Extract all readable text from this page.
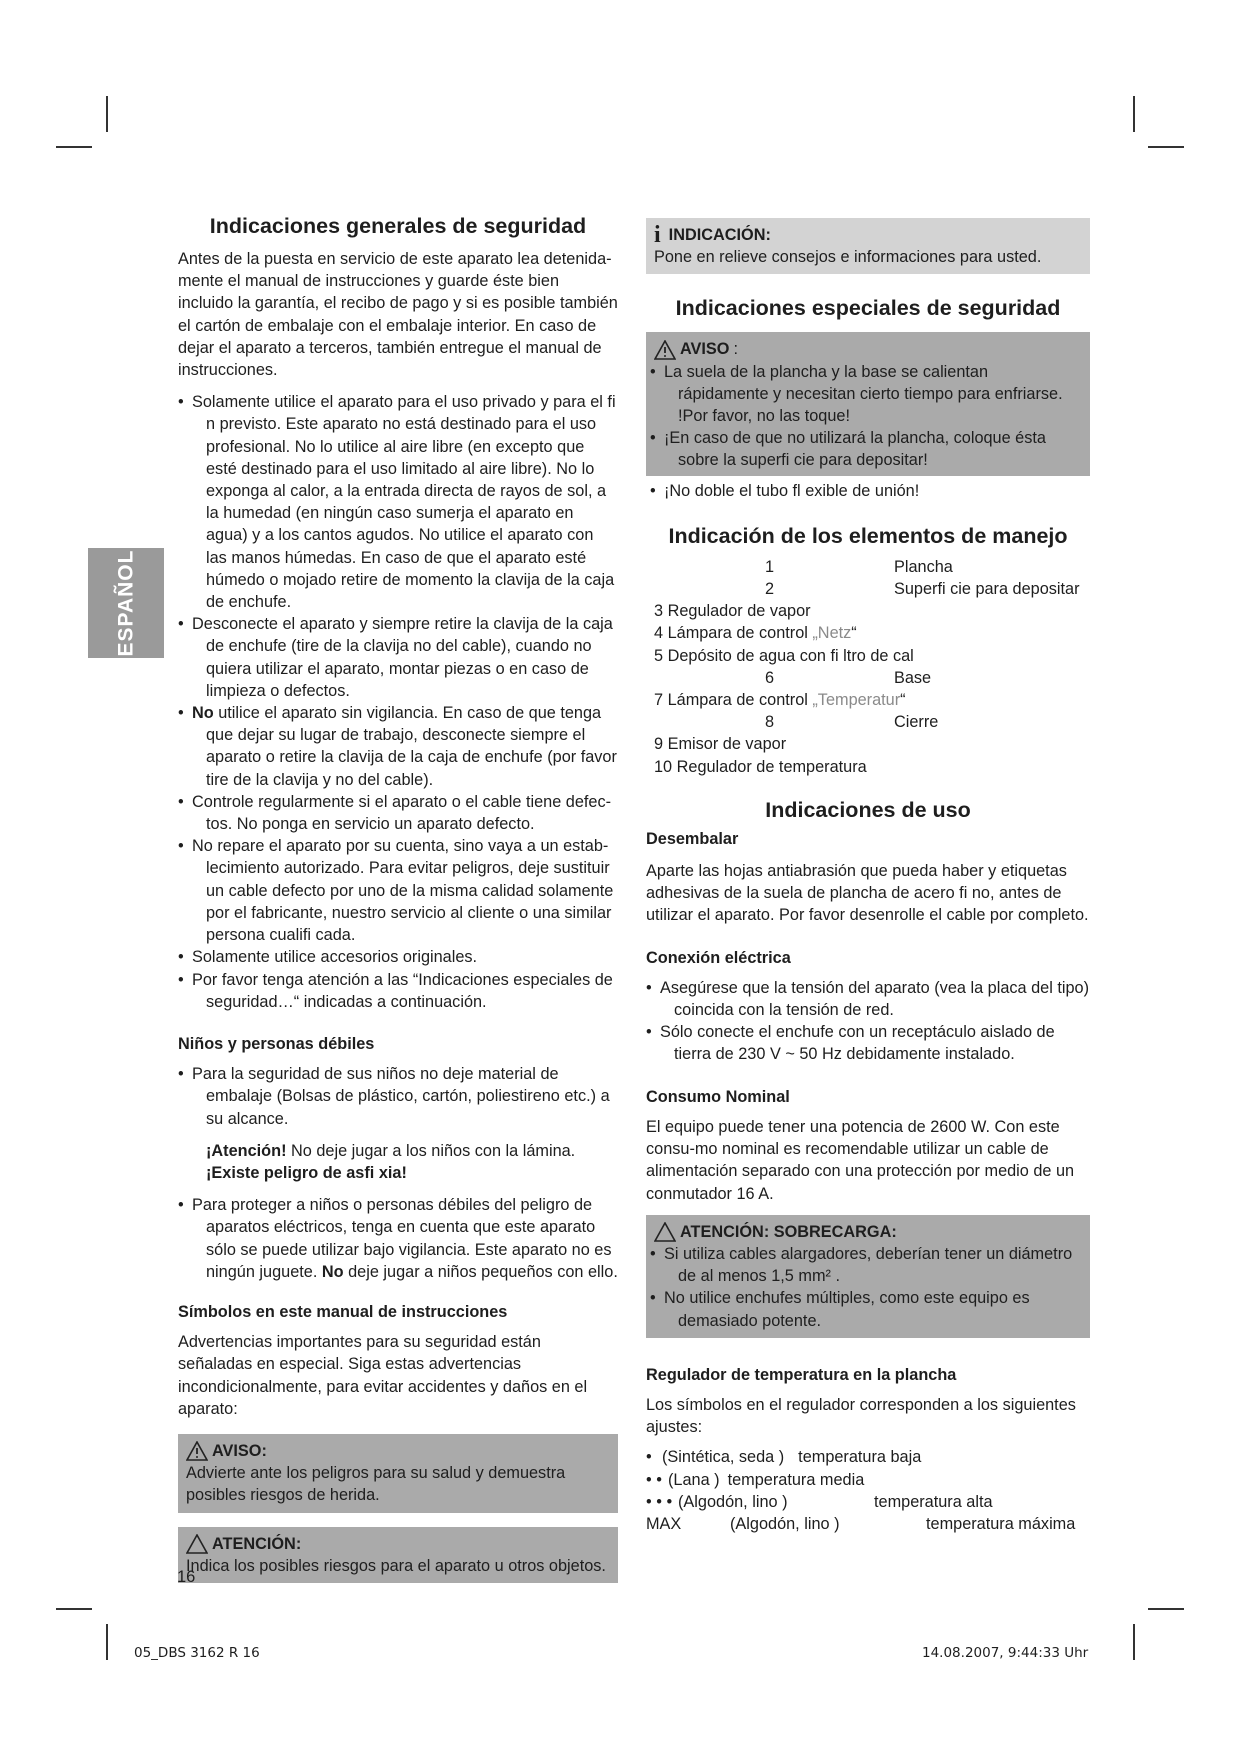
ESPAÑOL
Indicaciones generales de seguridad

Antes de la puesta en servicio de este aparato lea detenida-mente el manual de instrucciones y guarde éste bien incluido la garantía, el recibo de pago y si es posible también el cartón de embalaje con el embalaje interior. En caso de dejar el aparato a terceros, también entregue el manual de instrucciones.

• Solamente utilice el aparato para el uso privado y para el fi n previsto. Este aparato no está destinado para el uso profesional. No lo utilice al aire libre (en excepto que esté destinado para el uso limitado al aire libre). No lo exponga al calor, a la entrada directa de rayos de sol, a la humedad (en ningún caso sumerja el aparato en agua) y a los cantos agudos. No utilice el aparato con las manos húmedas. En caso de que el aparato esté húmedo o mojado retire de momento la clavija de la caja de enchufe.
• Desconecte el aparato y siempre retire la clavija de la caja de enchufe (tire de la clavija no del cable), cuando no quiera utilizar el aparato, montar piezas o en caso de limpieza o defectos.
• No utilice el aparato sin vigilancia. En caso de que tenga que dejar su lugar de trabajo, desconecte siempre el aparato o retire la clavija de la caja de enchufe (por favor tire de la clavija y no del cable).
• Controle regularmente si el aparato o el cable tiene defec-tos. No ponga en servicio un aparato defecto.
• No repare el aparato por su cuenta, sino vaya a un estab-lecimiento autorizado. Para evitar peligros, deje sustituir un cable defecto por uno de la misma calidad solamente por el fabricante, nuestro servicio al cliente o una similar persona cualifi cada.
• Solamente utilice accesorios originales.
• Por favor tenga atención a las “Indicaciones especiales de seguridad…“ indicadas a continuación.
Niños y personas débiles
• Para la seguridad de sus niños no deje material de embalaje (Bolsas de plástico, cartón, poliestireno etc.) a su alcance.

¡Atención! No deje jugar a los niños con la lámina. ¡Existe peligro de asfi xia!

• Para proteger a niños o personas débiles del peligro de aparatos eléctricos, tenga en cuenta que este aparato sólo se puede utilizar bajo vigilancia. Este aparato no es ningún juguete. No deje jugar a niños pequeños con ello.
Símbolos en este manual de instrucciones

Advertencias importantes para su seguridad están señaladas en especial. Siga estas advertencias incondicionalmente, para evitar accidentes y daños en el aparato:

AVISO:

Advierte ante los peligros para su salud y demuestra posibles riesgos de herida.

ATENCIÓN:

Indica los posibles riesgos para el aparato u otros objetos.

i INDICACIÓN:

Pone en relieve consejos e informaciones para usted.

Indicaciones especiales de seguridad
AVISO :
• La suela de la plancha y la base se calientan rápidamente y necesitan cierto tiempo para enfriarse. !Por favor, no las toque!
• ¡En caso de que no utilizará la plancha, coloque ésta sobre la superfi cie para depositar!
• ¡No doble el tubo fl exible de unión!
Indicación de los elementos de manejo
1	Plancha
2	Superfi cie para depositar
3 Regulador de vapor
4 Lámpara de control „Netz“
5 Depósito de agua con fi ltro de cal
6	Base
7 Lámpara de control „Temperatur“
8	Cierre
9 Emisor de vapor
10 Regulador de temperatura
Indicaciones de uso
Desembalar

Aparte las hojas antiabrasión que pueda haber y etiquetas adhesivas de la suela de plancha de acero fi no, antes de utilizar el aparato. Por favor desenrolle el cable por completo.

Conexión eléctrica
• Asegúrese que la tensión del aparato (vea la placa del tipo) coincida con la tensión de red.
• Sólo conecte el enchufe con un receptáculo aislado de tierra de 230 V ~ 50 Hz debidamente instalado.
Consumo Nominal

El equipo puede tener una potencia de 2600 W. Con este consu-mo nominal es recomendable utilizar un cable de alimentación separado con una protección por medio de un conmutador 16 A.

ATENCIÓN: SOBRECARGA:
• Si utiliza cables alargadores, deberían tener un diámetro de al menos 1,5 mm² .
• No utilice enchufes múltiples, como este equipo es demasiado potente.
Regulador de temperatura en la plancha

Los símbolos en el regulador corresponden a los siguientes ajustes:

• (Sintética, seda ) temperatura baja
• • (Lana ) temperatura media
• • • (Algodón, lino )	temperatura alta
MAX	(Algodón, lino )	temperatura máxima
16
05_DBS 3162 R 16	14.08.2007, 9:44:33 Uhr
